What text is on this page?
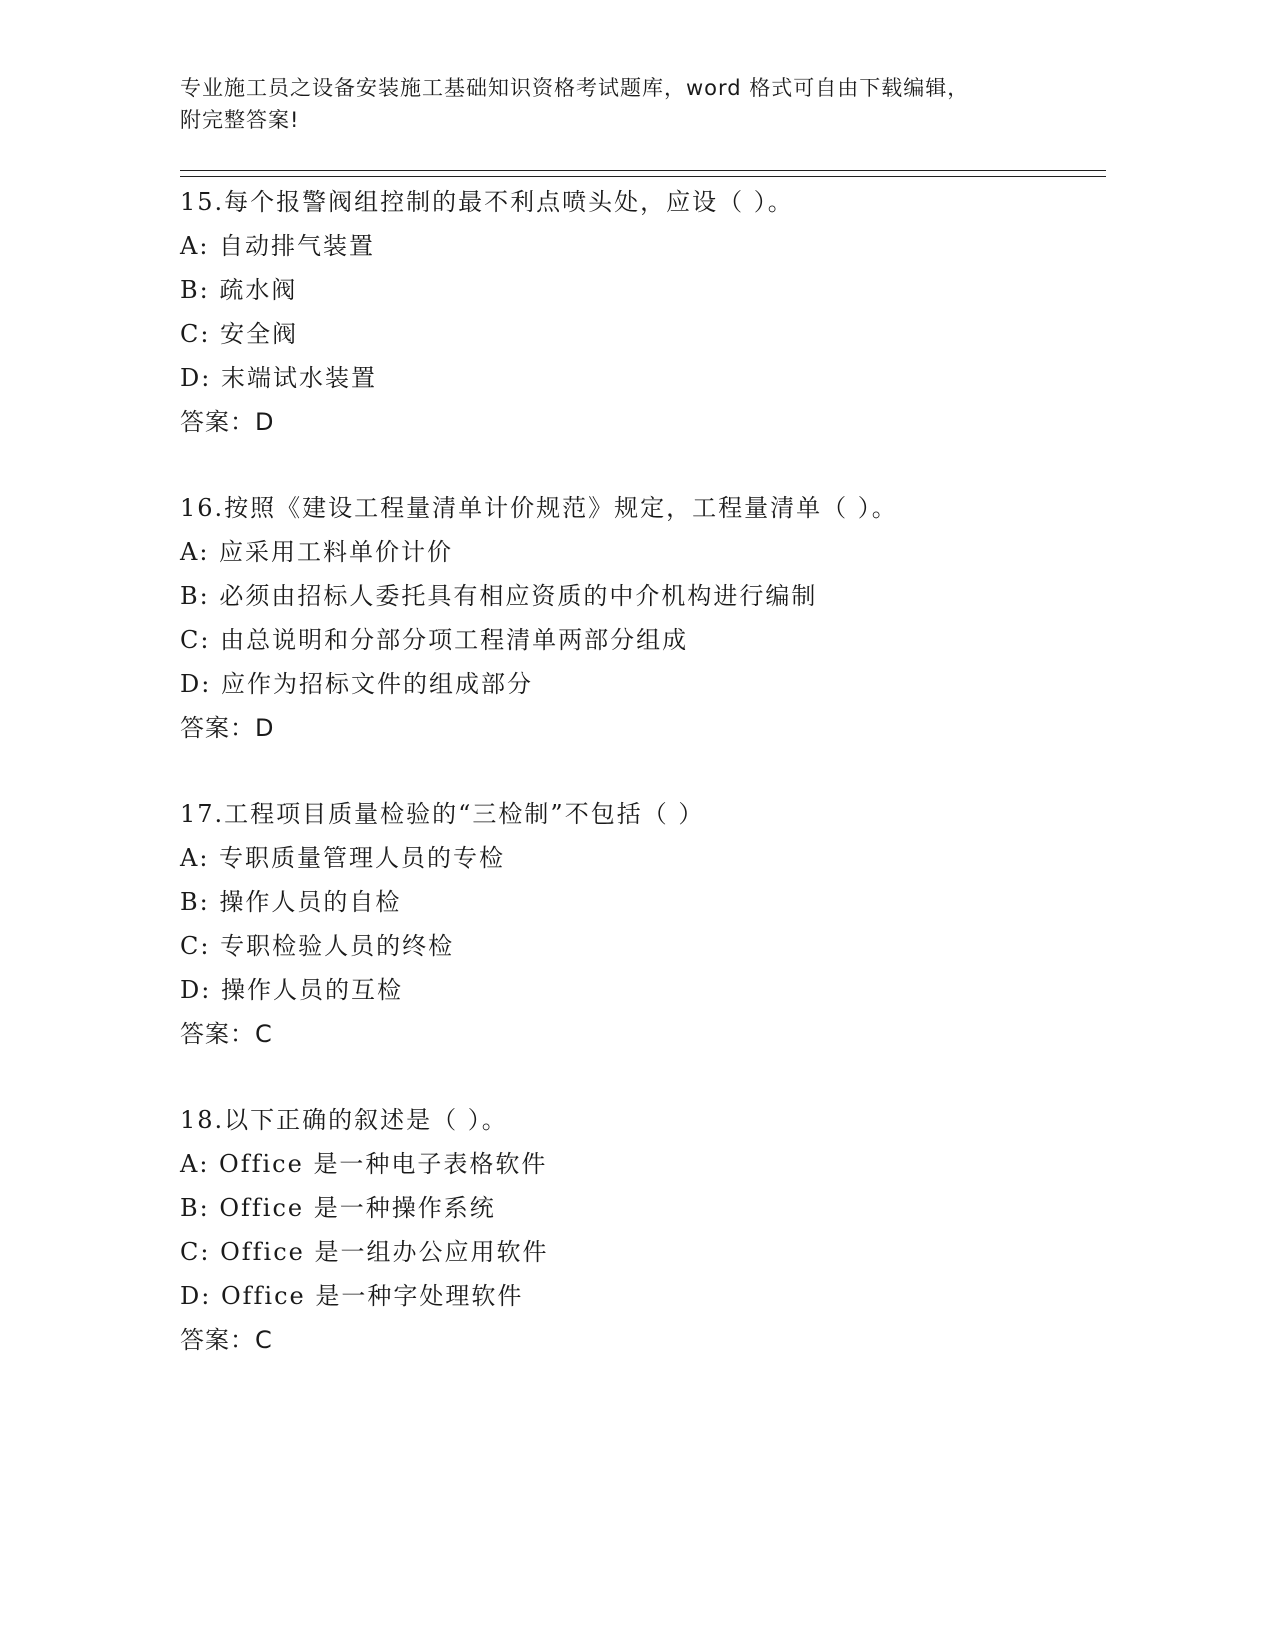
专业施工员之设备安装施工基础知识资格考试题库，word 格式可自由下载编辑，
附完整答案!
15.每个报警阀组控制的最不利点喷头处，应设（ ）。
A: 自动排气装置
B: 疏水阀
C: 安全阀
D: 末端试水装置
答案：D
16.按照《建设工程量清单计价规范》规定，工程量清单（ ）。
A: 应采用工料单价计价
B: 必须由招标人委托具有相应资质的中介机构进行编制
C: 由总说明和分部分项工程清单两部分组成
D: 应作为招标文件的组成部分
答案：D
17.工程项目质量检验的“三检制”不包括（ ）
A: 专职质量管理人员的专检
B: 操作人员的自检
C: 专职检验人员的终检
D: 操作人员的互检
答案：C
18.以下正确的叙述是（ ）。
A: Office 是一种电子表格软件
B: Office 是一种操作系统
C: Office 是一组办公应用软件
D: Office 是一种字处理软件
答案：C
